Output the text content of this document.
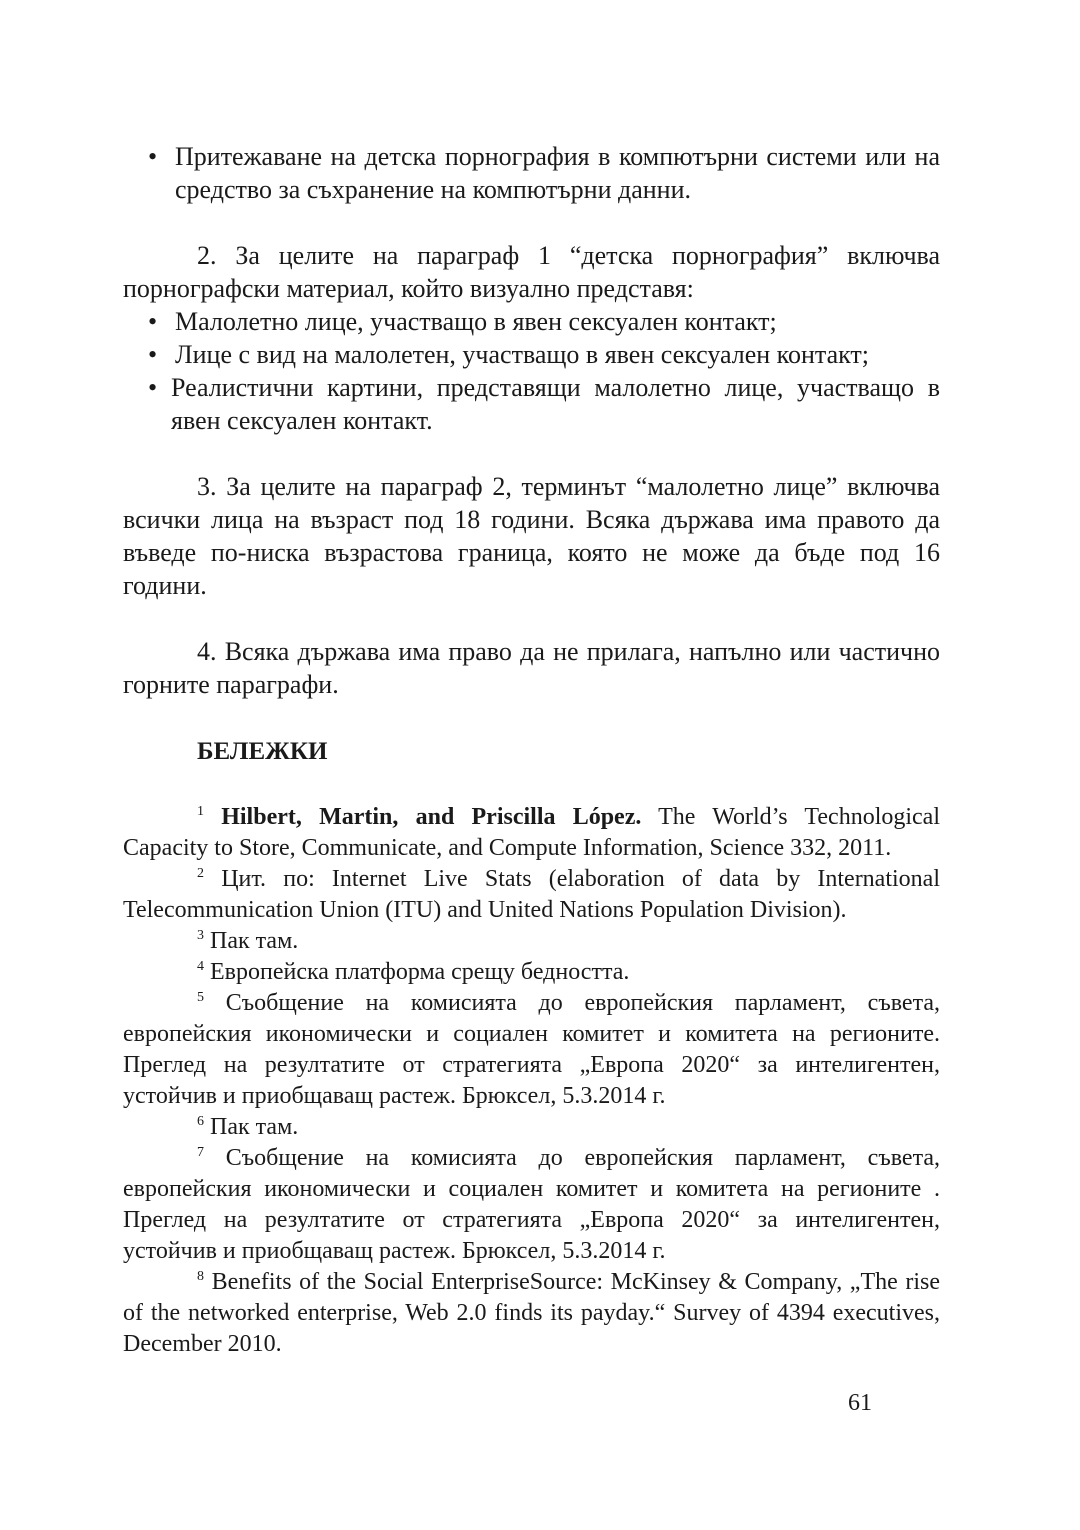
• Притежаване на детска порнография в компютърни системи или на средство за съхранение на компютърни данни.

2. За целите на параграф 1 “детска порнография” включва порнографски материал, който визуално представя:

• Малолетно лице, участващо в явен сексуален контакт;
• Лице с вид на малолетен, участващо в явен сексуален контакт;
• Реалистични картини, представящи малолетно лице, участващо в явен сексуален контакт.

3. За целите на параграф 2, терминът “малолетно лице” включва всички лица на възраст под 18 години. Всяка държава има правото да въведе по-ниска възрастова граница, която не може да бъде под 16 години.

4. Всяка държава има право да не прилага, напълно или частично горните параграфи.

БЕЛЕЖКИ

$^1$ Hilbert, Martin, and Priscilla López. The World’s Technological Capacity to Store, Communicate, and Compute Information, Science 332, 2011.

$^2$ Цит. по: Internet Live Stats (elaboration of data by International Telecommunication Union (ITU) and United Nations Population Division).

$^3$ Пак там.

$^4$ Европейска платформа срещу бедността.

$^5$ Съобщение на комисията до европейския парламент, съвета, европейския икономически и социален комитет и комитета на регионите. Преглед на резултатите от стратегията „Европа 2020“ за интелигентен, устойчив и приобщаващ растеж. Брюксел, 5.3.2014 г.

$^6$ Пак там.

$^7$ Съобщение на комисията до европейския парламент, съвета, европейския икономически и социален комитет и комитета на регионите . Преглед на резултатите от стратегията „Европа 2020“ за интелигентен, устойчив и приобщаващ растеж. Брюксел, 5.3.2014 г.

$^8$ Benefits of the Social EnterpriseSource: McKinsey & Company, „The rise of the networked enterprise, Web 2.0 finds its payday.“ Survey of 4394 executives, December 2010.

61
